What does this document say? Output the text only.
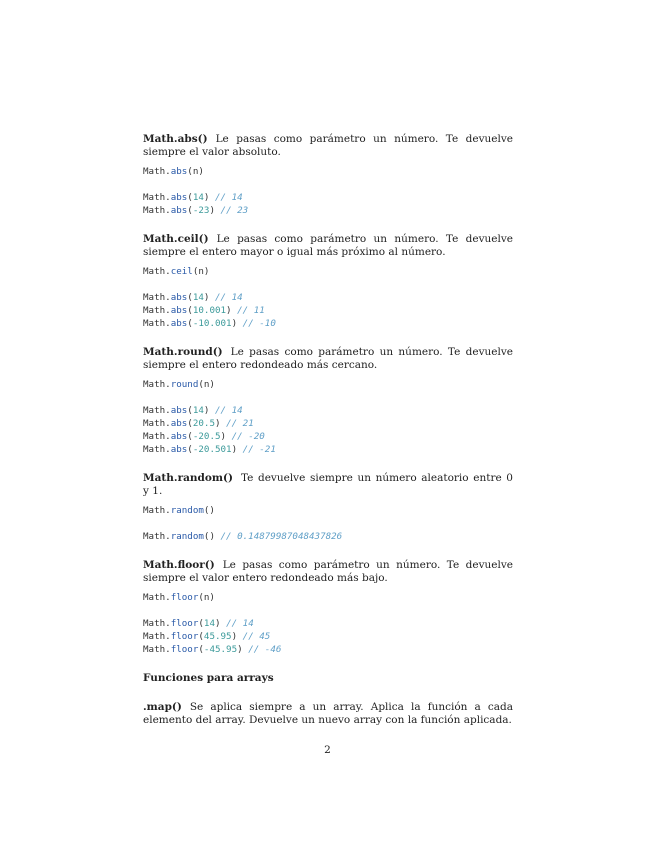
Math.abs() Le pasas como parámetro un número. Te devuelve siempre el valor absoluto.

Math.abs(n)
Math.abs(14) // 14
Math.abs(-23) // 23

Math.ceil() Le pasas como parámetro un número. Te devuelve siempre el entero mayor o igual más próximo al número.

Math.ceil(n)
Math.abs(14) // 14
Math.abs(10.001) // 11
Math.abs(-10.001) // -10

Math.round() Le pasas como parámetro un número. Te devuelve siempre el entero redondeado más cercano.

Math.round(n)
Math.abs(14) // 14
Math.abs(20.5) // 21
Math.abs(-20.5) // -20
Math.abs(-20.501) // -21

Math.random() Te devuelve siempre un número aleatorio entre 0 y 1.

Math.random()
Math.random() // 0.14879987048437826

Math.floor() Le pasas como parámetro un número. Te devuelve siempre el valor entero redondeado más bajo.

Math.floor(n)
Math.floor(14) // 14
Math.floor(45.95) // 45
Math.floor(-45.95) // -46

Funciones para arrays

.map() Se aplica siempre a un array. Aplica la función a cada elemento del array. Devuelve un nuevo array con la función aplicada.

2
